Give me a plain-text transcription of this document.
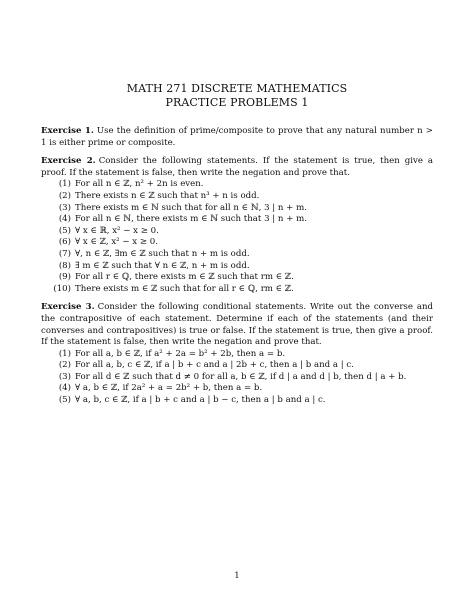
MATH 271 DISCRETE MATHEMATICS
PRACTICE PROBLEMS 1

Exercise 1. Use the definition of prime/composite to prove that any natural number n > 1 is either prime or composite.

Exercise 2. Consider the following statements. If the statement is true, then give a proof. If the statement is false, then write the negation and prove that.

(1) For all n ∈ ℤ, n² + 2n is even.
(2) There exists n ∈ ℤ such that n³ + n is odd.
(3) There exists m ∈ ℕ such that for all n ∈ ℕ, 3 | n + m.
(4) For all n ∈ ℕ, there exists m ∈ ℕ such that 3 | n + m.
(5) ∀ x ∈ ℝ, x² − x ≥ 0.
(6) ∀ x ∈ ℤ, x² − x ≥ 0.
(7) ∀, n ∈ ℤ, ∃m ∈ ℤ such that n + m is odd.
(8) ∃ m ∈ ℤ such that ∀ n ∈ ℤ, n + m is odd.
(9) For all r ∈ ℚ, there exists m ∈ ℤ such that rm ∈ ℤ.
(10) There exists m ∈ ℤ such that for all r ∈ ℚ, rm ∈ ℤ.

Exercise 3. Consider the following conditional statements. Write out the converse and the contrapositive of each statement. Determine if each of the statements (and their converses and contrapositives) is true or false. If the statement is true, then give a proof. If the statement is false, then write the negation and prove that.

(1) For all a, b ∈ ℤ, if a² + 2a = b² + 2b, then a = b.
(2) For all a, b, c ∈ ℤ, if a | b + c and a | 2b + c, then a | b and a | c.
(3) For all d ∈ ℤ such that d ≠ 0 for all a, b ∈ ℤ, if d | a and d | b, then d | a + b.
(4) ∀ a, b ∈ ℤ, if 2a² + a = 2b² + b, then a = b.
(5) ∀ a, b, c ∈ ℤ, if a | b + c and a | b − c, then a | b and a | c.
1
